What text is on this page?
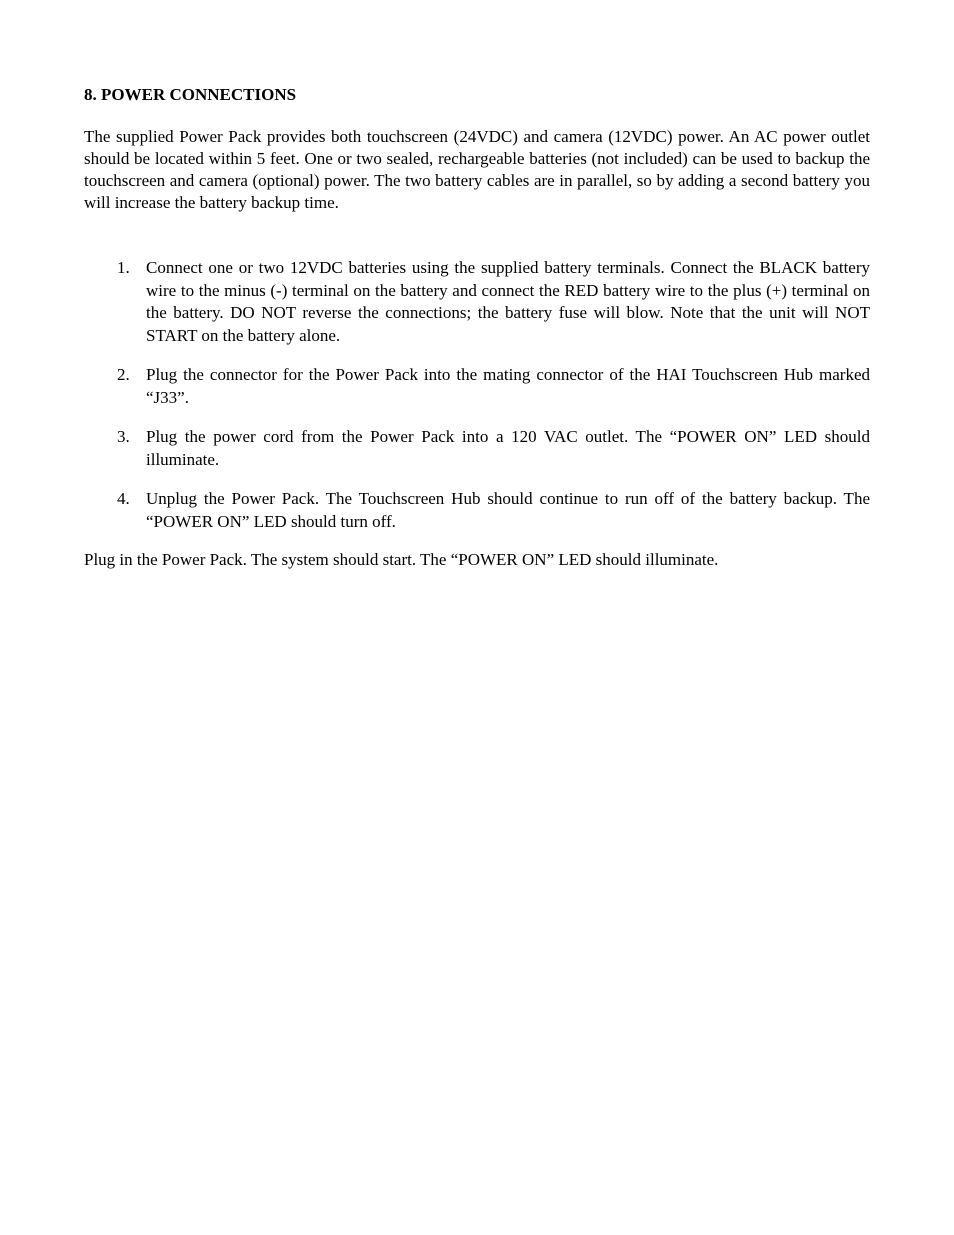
8. POWER CONNECTIONS

The supplied Power Pack provides both touchscreen (24VDC) and camera (12VDC) power. An AC power outlet should be located within 5 feet. One or two sealed, rechargeable batteries (not included) can be used to backup the touchscreen and camera (optional) power. The two battery cables are in parallel, so by adding a second battery you will increase the battery backup time.

1. Connect one or two 12VDC batteries using the supplied battery terminals. Connect the BLACK battery wire to the minus (-) terminal on the battery and connect the RED battery wire to the plus (+) terminal on the battery. DO NOT reverse the connections; the battery fuse will blow. Note that the unit will NOT START on the battery alone.
2. Plug the connector for the Power Pack into the mating connector of the HAI Touchscreen Hub marked “J33”.
3. Plug the power cord from the Power Pack into a 120 VAC outlet. The “POWER ON” LED should illuminate.
4. Unplug the Power Pack. The Touchscreen Hub should continue to run off of the battery backup. The “POWER ON” LED should turn off.

Plug in the Power Pack. The system should start. The “POWER ON” LED should illuminate.
